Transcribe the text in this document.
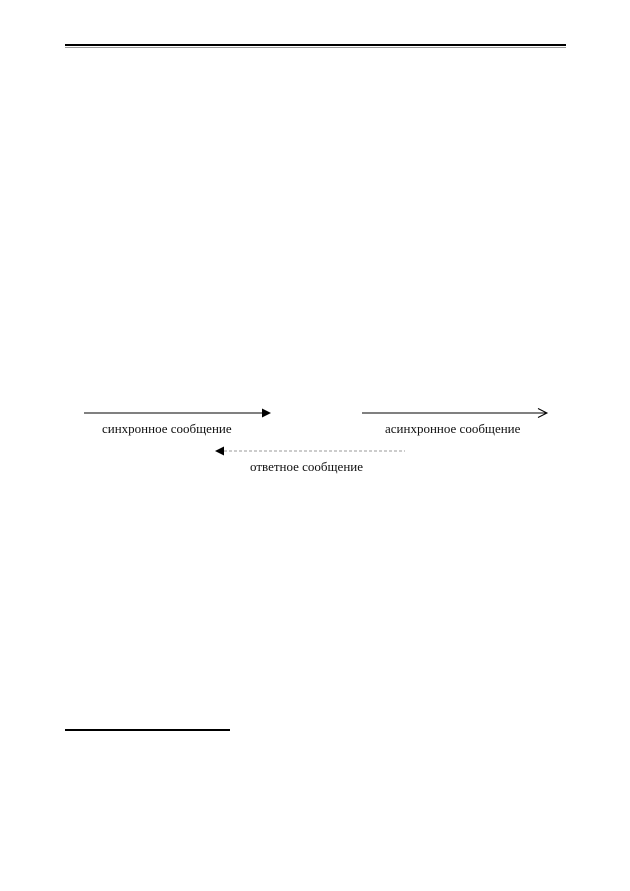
синхронное сообщение	асинхронное сообщение
ответное сообщение
